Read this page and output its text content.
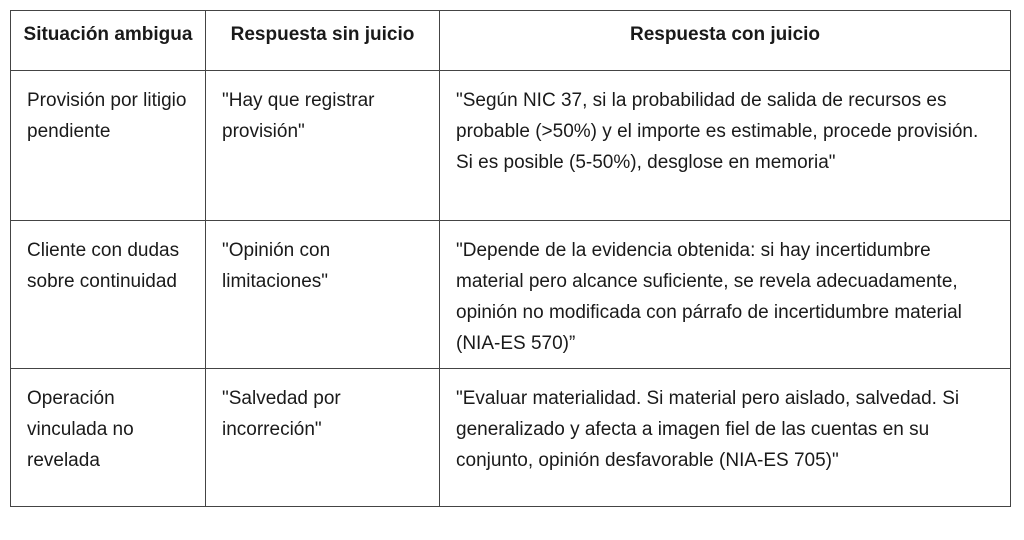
Situación ambigua	Respuesta sin juicio	Respuesta con juicio
Provisión por litigio pendiente	"Hay que registrar provisión"	"Según NIC 37, si la probabilidad de salida de recursos es probable (>50%) y el importe es estimable, procede provisión. Si es posible (5-50%), desglose en memoria"
Cliente con dudas sobre continuidad	"Opinión con limitaciones"	"Depende de la evidencia obtenida: si hay incertidumbre material pero alcance suficiente, se revela adecuadamente, opinión no modificada con párrafo de incertidumbre material (NIA-ES 570)”
Operación vinculada no revelada	"Salvedad por incorreción"	"Evaluar materialidad. Si material pero aislado, salvedad. Si generalizado y afecta a imagen fiel de las cuentas en su conjunto, opinión desfavorable (NIA-ES 705)"
